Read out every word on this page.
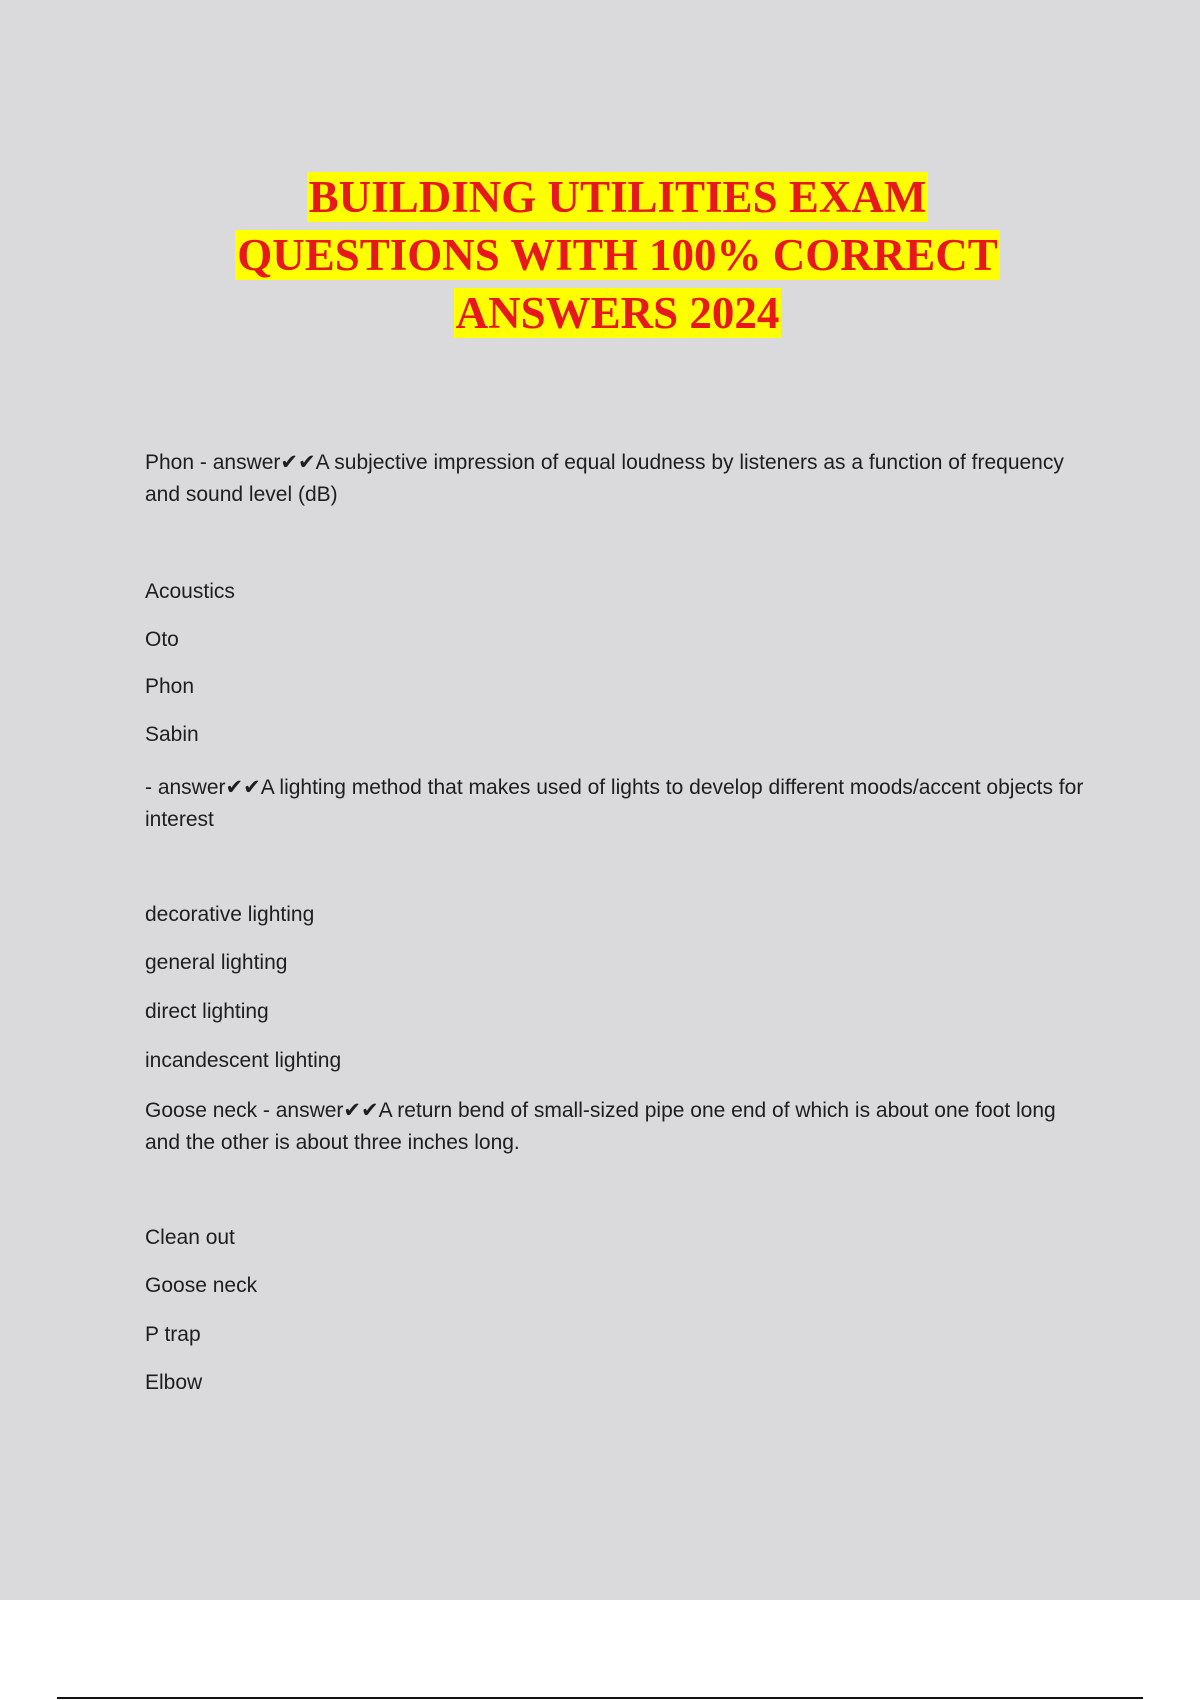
BUILDING UTILITIES EXAM

QUESTIONS WITH 100% CORRECT

ANSWERS 2024

Phon - answer✔✔A subjective impression of equal loudness by listeners as a function of frequency and sound level (dB)
Acoustics
Oto
Phon
Sabin
- answer✔✔A lighting method that makes used of lights to develop different moods/accent objects for interest
decorative lighting
general lighting
direct lighting
incandescent lighting
Goose neck - answer✔✔A return bend of small-sized pipe one end of which is about one foot long and the other is about three inches long.
Clean out
Goose neck
P trap
Elbow
